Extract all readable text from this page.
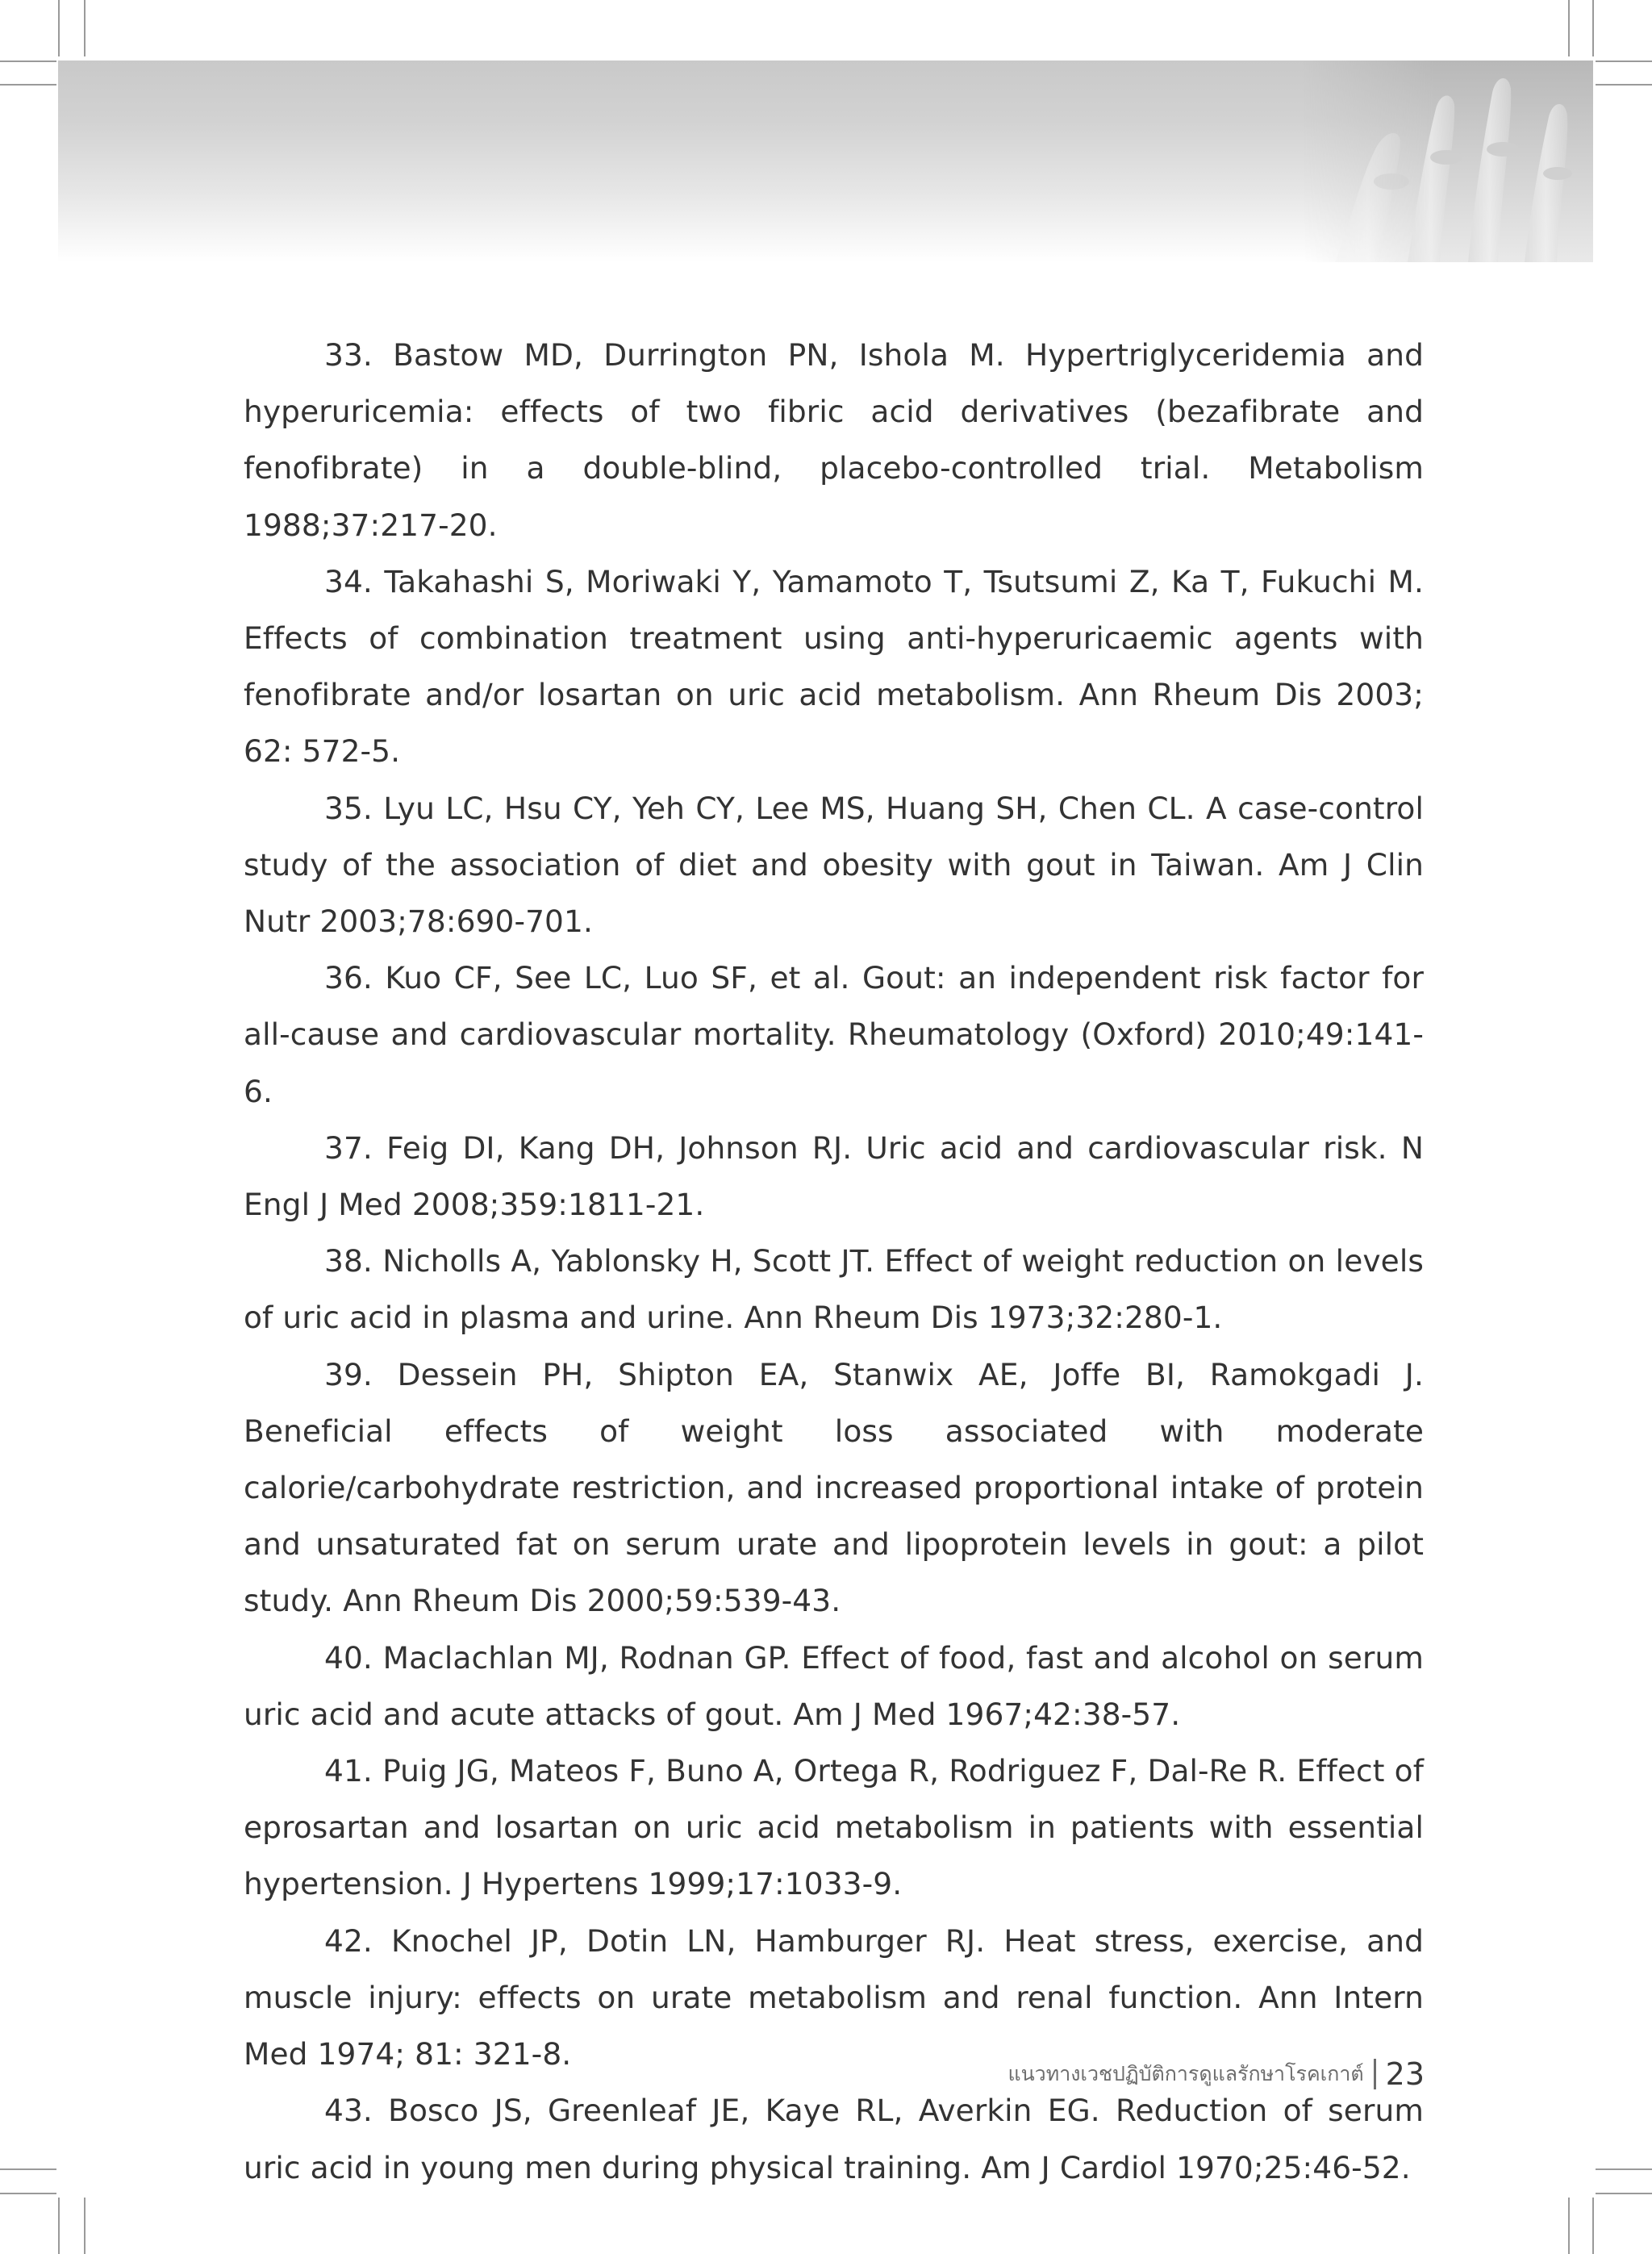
33. Bastow MD, Durrington PN, Ishola M. Hypertriglyceridemia and hyperuricemia: effects of two fibric acid derivatives (bezafibrate and fenofibrate) in a double-blind, placebo-controlled trial. Metabolism 1988;37:217-20.

34. Takahashi S, Moriwaki Y, Yamamoto T, Tsutsumi Z, Ka T, Fukuchi M. Effects of combination treatment using anti-hyperuricaemic agents with fenofibrate and/or losartan on uric acid metabolism. Ann Rheum Dis 2003; 62: 572-5.

35. Lyu LC, Hsu CY, Yeh CY, Lee MS, Huang SH, Chen CL. A case-control study of the association of diet and obesity with gout in Taiwan. Am J Clin Nutr 2003;78:690-701.

36. Kuo CF, See LC, Luo SF, et al. Gout: an independent risk factor for all-cause and cardiovascular mortality. Rheumatology (Oxford) 2010;49:141-6.

37. Feig DI, Kang DH, Johnson RJ. Uric acid and cardiovascular risk. N Engl J Med 2008;359:1811-21.

38. Nicholls A, Yablonsky H, Scott JT. Effect of weight reduction on levels of uric acid in plasma and urine. Ann Rheum Dis 1973;32:280-1.

39. Dessein PH, Shipton EA, Stanwix AE, Joffe BI, Ramokgadi J. Beneficial effects of weight loss associated with moderate calorie/carbohydrate restriction, and increased proportional intake of protein and unsaturated fat on serum urate and lipoprotein levels in gout: a pilot study. Ann Rheum Dis 2000;59:539-43.

40. Maclachlan MJ, Rodnan GP. Effect of food, fast and alcohol on serum uric acid and acute attacks of gout. Am J Med 1967;42:38-57.

41. Puig JG, Mateos F, Buno A, Ortega R, Rodriguez F, Dal-Re R. Effect of eprosartan and losartan on uric acid metabolism in patients with essential hypertension. J Hypertens 1999;17:1033-9.

42. Knochel JP, Dotin LN, Hamburger RJ. Heat stress, exercise, and muscle injury: effects on urate metabolism and renal function. Ann Intern Med 1974; 81: 321-8.

43. Bosco JS, Greenleaf JE, Kaye RL, Averkin EG. Reduction of serum uric acid in young men during physical training. Am J Cardiol 1970;25:46-52.

แนวทางเวชปฏิบัติการดูแลรักษาโรคเกาต์ 23
